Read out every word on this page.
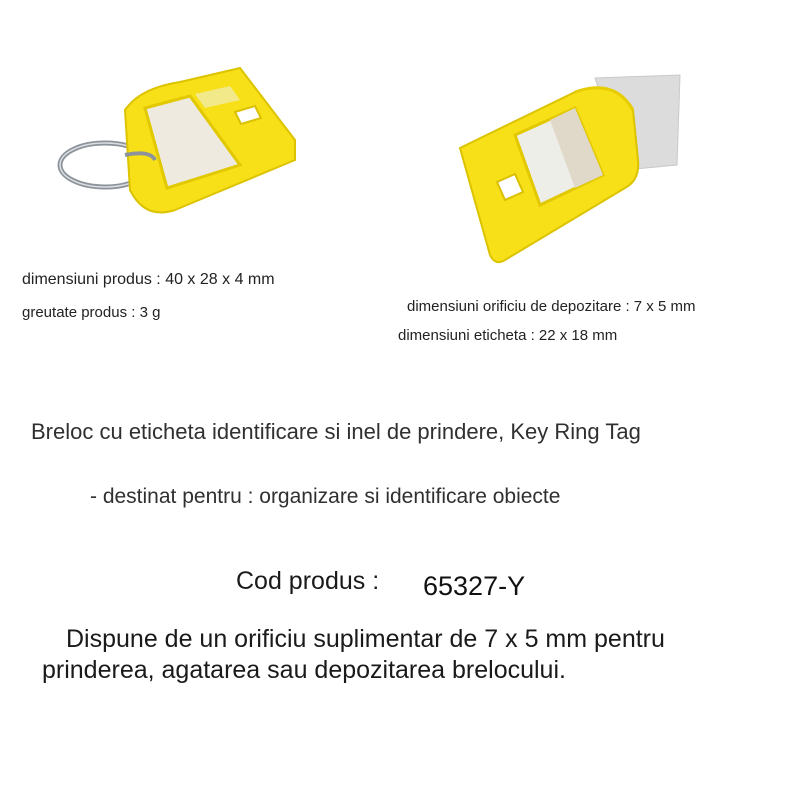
dimensiuni produs : 40 x 28 x 4 mm
greutate produs : 3 g	dimensiuni orificiu de depozitare : 7 x 5 mm
dimensiuni eticheta : 22 x 18 mm
Breloc cu eticheta identificare si inel de prindere, Key Ring Tag
- destinat pentru : organizare si identificare obiecte
Cod produs : 65327-Y
Dispune de un orificiu suplimentar de 7 x 5 mm pentru
prinderea, agatarea sau depozitarea brelocului.
